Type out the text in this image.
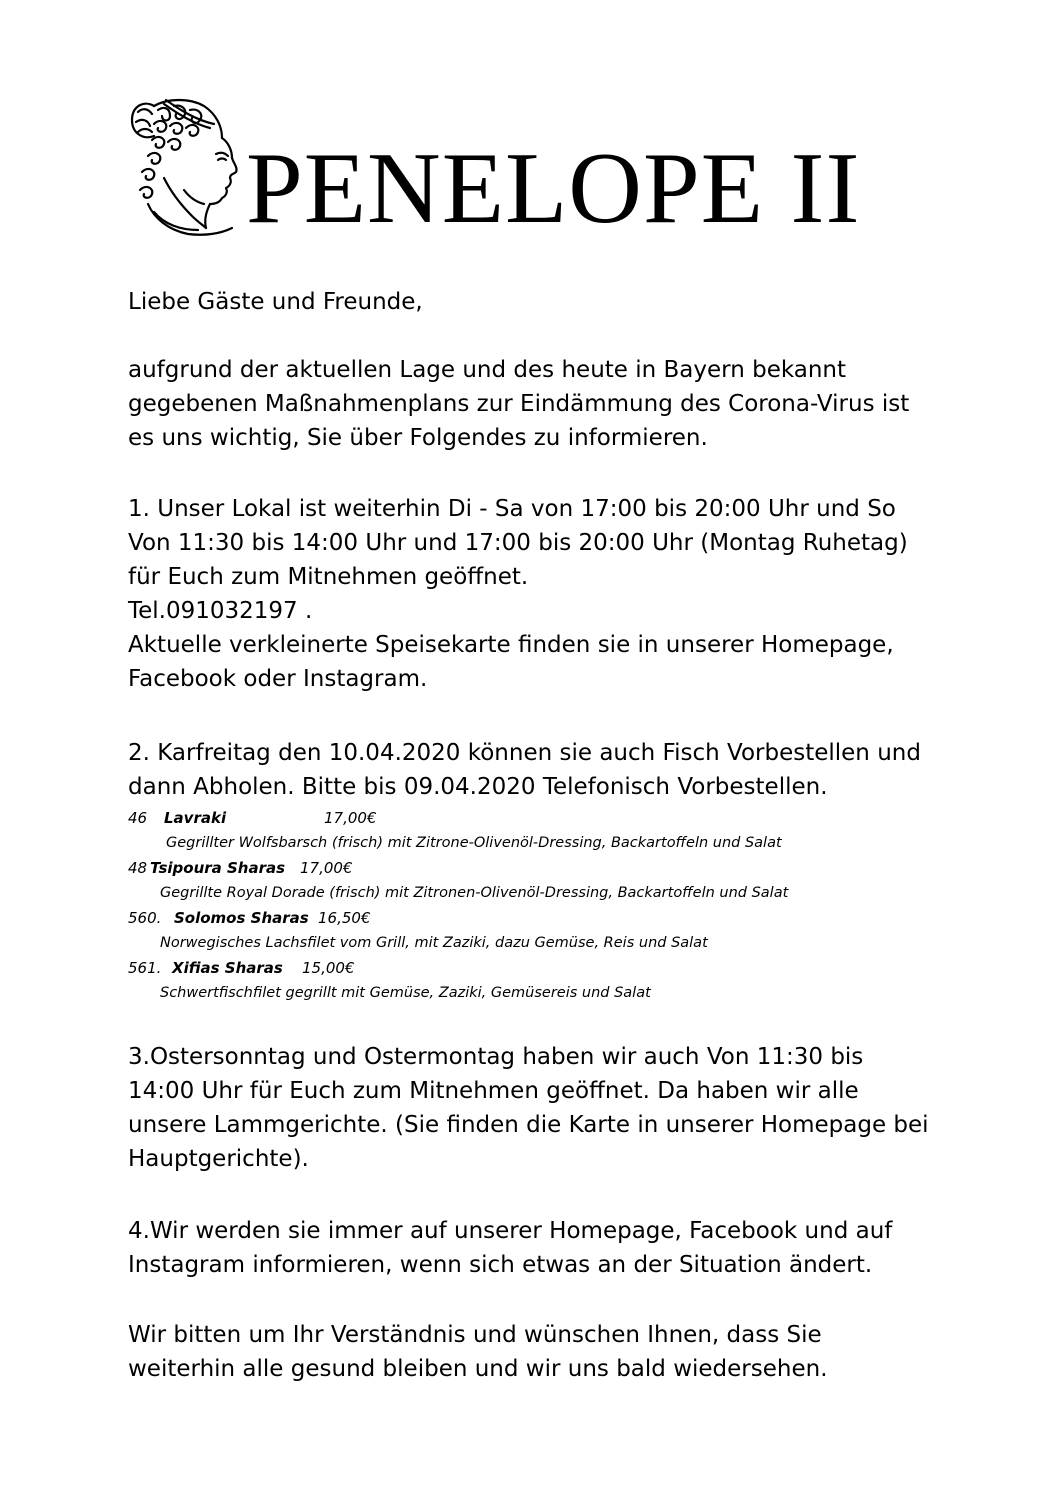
PENELOPE II
Liebe Gäste und Freunde,
aufgrund der aktuellen Lage und des heute in Bayern bekannt
gegebenen Maßnahmenplans zur Eindämmung des Corona-Virus ist
es uns wichtig, Sie über Folgendes zu informieren.
1. Unser Lokal ist weiterhin Di - Sa von 17:00 bis 20:00 Uhr und So
Von 11:30 bis 14:00 Uhr und 17:00 bis 20:00 Uhr (Montag Ruhetag)
für Euch zum Mitnehmen geöffnet.
Tel.091032197 .
Aktuelle verkleinerte Speisekarte finden sie in unserer Homepage,
Facebook oder Instagram.
2. Karfreitag den 10.04.2020 können sie auch Fisch Vorbestellen und
dann Abholen. Bitte bis 09.04.2020 Telefonisch Vorbestellen.
46 Lavraki	17,00€
Gegrillter Wolfsbarsch (frisch) mit Zitrone-Olivenöl-Dressing, Backartoffeln und Salat
48 Tsipoura Sharas 17,00€
Gegrillte Royal Dorade (frisch) mit Zitronen-Olivenöl-Dressing, Backartoffeln und Salat
560. Solomos Sharas 16,50€
Norwegisches Lachsfilet vom Grill, mit Zaziki, dazu Gemüse, Reis und Salat
561. Xifias Sharas 15,00€
Schwertfischfilet gegrillt mit Gemüse, Zaziki, Gemüsereis und Salat
3.Ostersonntag und Ostermontag haben wir auch Von 11:30 bis
14:00 Uhr für Euch zum Mitnehmen geöffnet. Da haben wir alle
unsere Lammgerichte. (Sie finden die Karte in unserer Homepage bei
Hauptgerichte).
4.Wir werden sie immer auf unserer Homepage, Facebook und auf
Instagram informieren, wenn sich etwas an der Situation ändert.
Wir bitten um Ihr Verständnis und wünschen Ihnen, dass Sie
weiterhin alle gesund bleiben und wir uns bald wiedersehen.
